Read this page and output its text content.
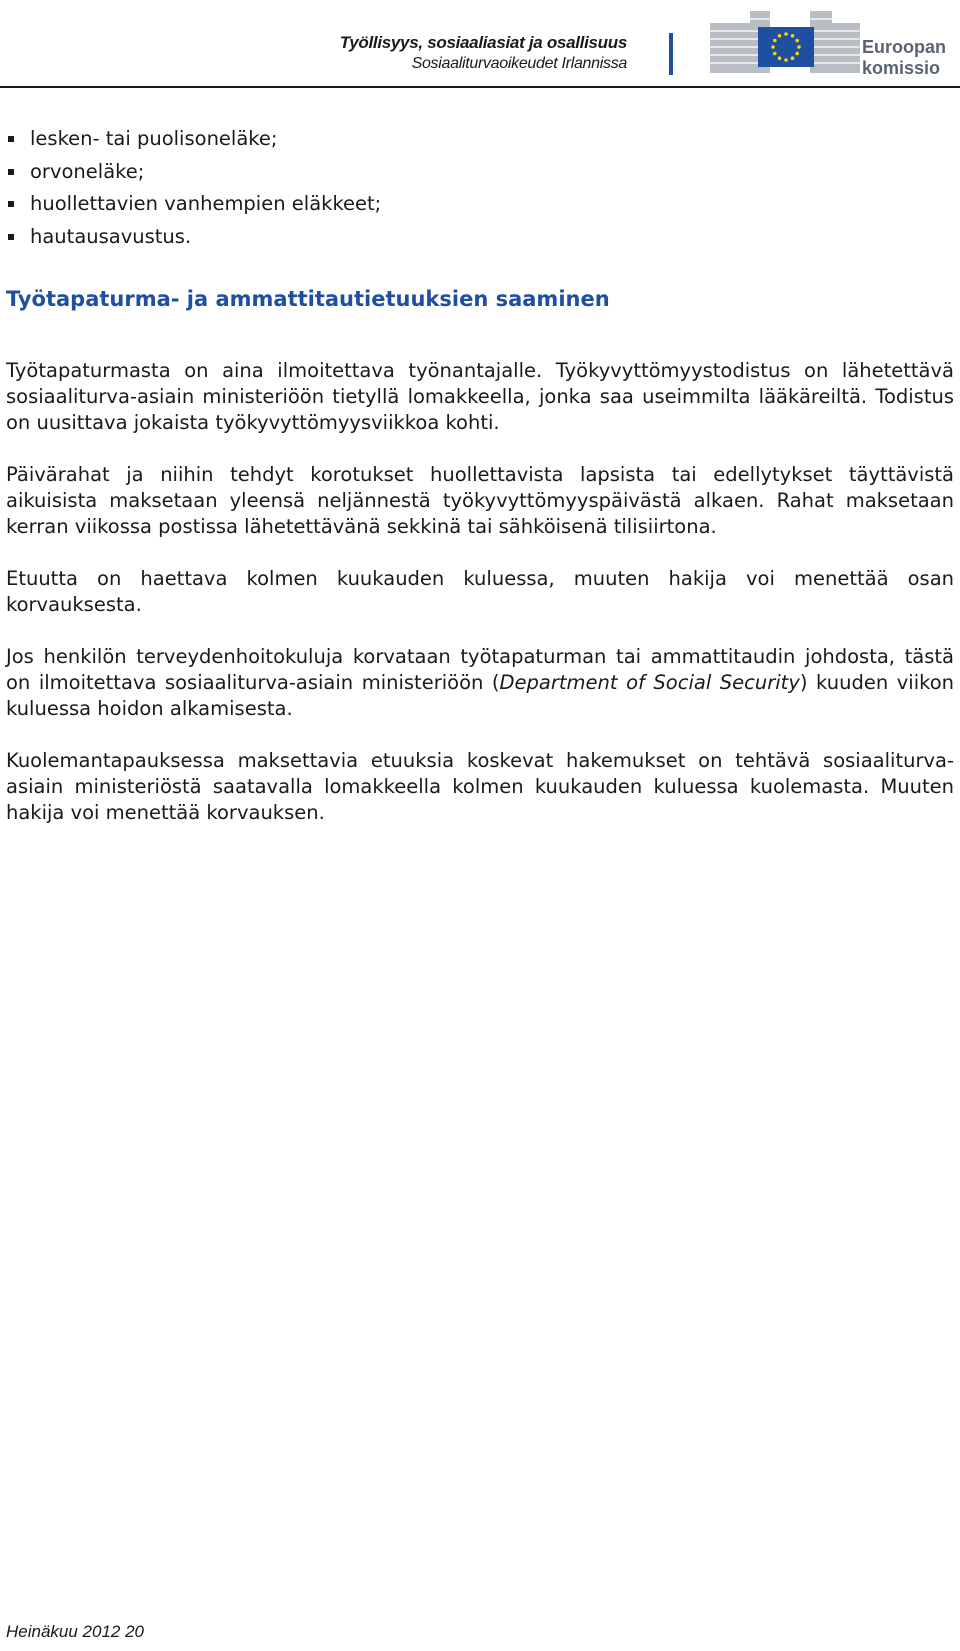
Työllisyys, sosiaaliasiat ja osallisuus
Sosiaaliturvaoikeudet Irlannissa
Euroopan
komissio
lesken- tai puolisoneläke;
orvoneläke;
huollettavien vanhempien eläkkeet;
hautausavustus.
Työtapaturma- ja ammattitautietuuksien saaminen

Työtapaturmasta on aina ilmoitettava työnantajalle. Työkyvyttömyystodistus on lähetettävä sosiaaliturva-asiain ministeriöön tietyllä lomakkeella, jonka saa useimmilta lääkäreiltä. Todistus on uusittava jokaista työkyvyttömyysviikkoa kohti.

Päivärahat ja niihin tehdyt korotukset huollettavista lapsista tai edellytykset täyttävistä aikuisista maksetaan yleensä neljännestä työkyvyttömyyspäivästä alkaen. Rahat maksetaan kerran viikossa postissa lähetettävänä sekkinä tai sähköisenä tilisiirtona.

Etuutta on haettava kolmen kuukauden kuluessa, muuten hakija voi menettää osan korvauksesta.

Jos henkilön terveydenhoitokuluja korvataan työtapaturman tai ammattitaudin johdosta, tästä on ilmoitettava sosiaaliturva-asiain ministeriöön (Department of Social Security) kuuden viikon kuluessa hoidon alkamisesta.

Kuolemantapauksessa maksettavia etuuksia koskevat hakemukset on tehtävä sosiaaliturva-asiain ministeriöstä saatavalla lomakkeella kolmen kuukauden kuluessa kuolemasta. Muuten hakija voi menettää korvauksen.

Heinäkuu 2012 20
